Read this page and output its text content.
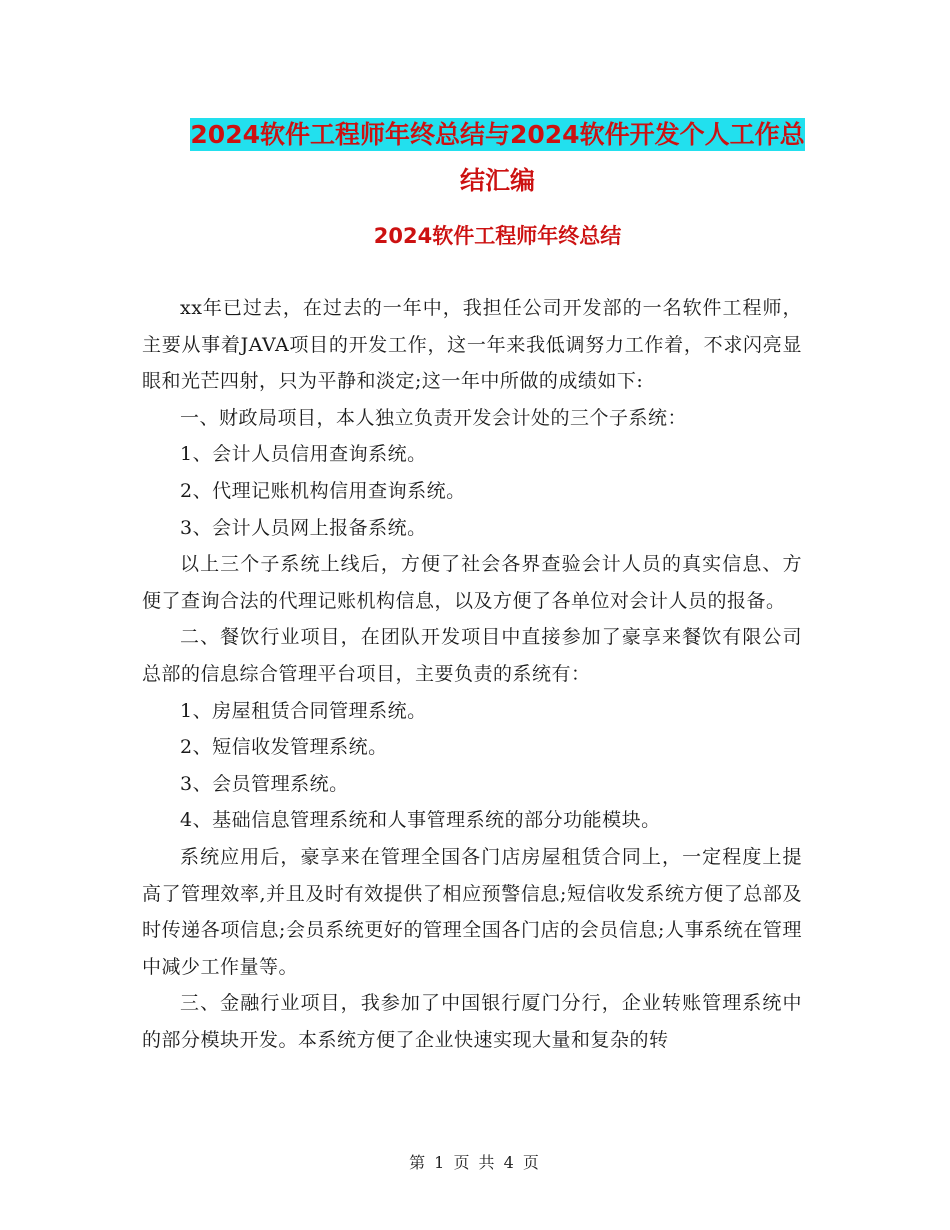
2024软件工程师年终总结与2024软件开发个人工作总
结汇编
2024软件工程师年终总结

xx年已过去，在过去的一年中，我担任公司开发部的一名软件工程师，主要从事着JAVA项目的开发工作，这一年来我低调努力工作着，不求闪亮显眼和光芒四射，只为平静和淡定;这一年中所做的成绩如下:

一、财政局项目，本人独立负责开发会计处的三个子系统：

1、会计人员信用查询系统。

2、代理记账机构信用查询系统。

3、会计人员网上报备系统。

以上三个子系统上线后，方便了社会各界查验会计人员的真实信息、方便了查询合法的代理记账机构信息，以及方便了各单位对会计人员的报备。

二、餐饮行业项目，在团队开发项目中直接参加了豪享来餐饮有限公司总部的信息综合管理平台项目，主要负责的系统有：

1、房屋租赁合同管理系统。

2、短信收发管理系统。

3、会员管理系统。

4、基础信息管理系统和人事管理系统的部分功能模块。

系统应用后，豪享来在管理全国各门店房屋租赁合同上，一定程度上提高了管理效率,并且及时有效提供了相应预警信息;短信收发系统方便了总部及时传递各项信息;会员系统更好的管理全国各门店的会员信息;人事系统在管理中减少工作量等。

三、金融行业项目，我参加了中国银行厦门分行，企业转账管理系统中的部分模块开发。本系统方便了企业快速实现大量和复杂的转

第 1 页 共 4 页
